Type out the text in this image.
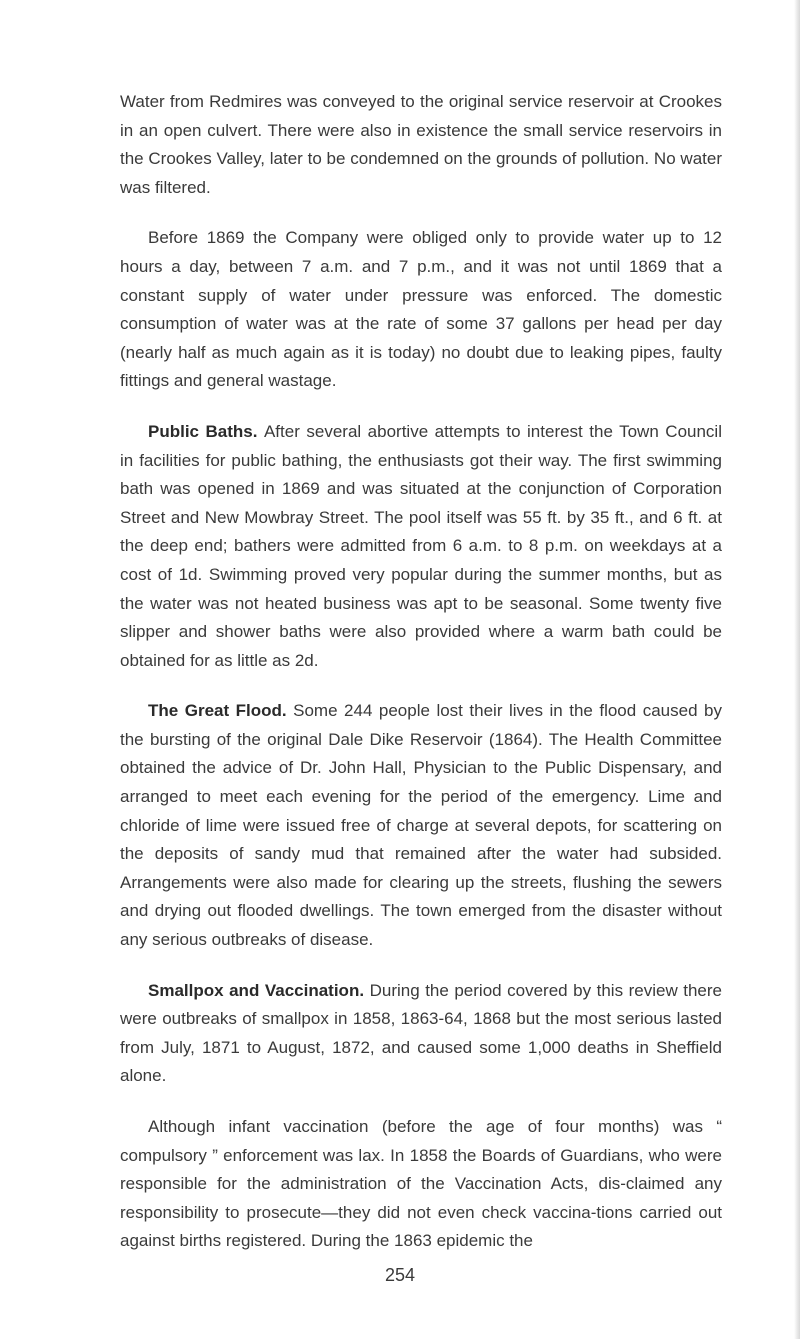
Water from Redmires was conveyed to the original service reservoir at Crookes in an open culvert. There were also in existence the small service reservoirs in the Crookes Valley, later to be condemned on the grounds of pollution. No water was filtered.

Before 1869 the Company were obliged only to provide water up to 12 hours a day, between 7 a.m. and 7 p.m., and it was not until 1869 that a constant supply of water under pressure was enforced. The domestic consumption of water was at the rate of some 37 gallons per head per day (nearly half as much again as it is today) no doubt due to leaking pipes, faulty fittings and general wastage.

Public Baths. After several abortive attempts to interest the Town Council in facilities for public bathing, the enthusiasts got their way. The first swimming bath was opened in 1869 and was situated at the conjunction of Corporation Street and New Mowbray Street. The pool itself was 55 ft. by 35 ft., and 6 ft. at the deep end; bathers were admitted from 6 a.m. to 8 p.m. on weekdays at a cost of 1d. Swimming proved very popular during the summer months, but as the water was not heated business was apt to be seasonal. Some twenty five slipper and shower baths were also provided where a warm bath could be obtained for as little as 2d.

The Great Flood. Some 244 people lost their lives in the flood caused by the bursting of the original Dale Dike Reservoir (1864). The Health Committee obtained the advice of Dr. John Hall, Physician to the Public Dispensary, and arranged to meet each evening for the period of the emergency. Lime and chloride of lime were issued free of charge at several depots, for scattering on the deposits of sandy mud that remained after the water had subsided. Arrangements were also made for clearing up the streets, flushing the sewers and drying out flooded dwellings. The town emerged from the disaster without any serious outbreaks of disease.

Smallpox and Vaccination. During the period covered by this review there were outbreaks of smallpox in 1858, 1863-64, 1868 but the most serious lasted from July, 1871 to August, 1872, and caused some 1,000 deaths in Sheffield alone.

Although infant vaccination (before the age of four months) was “ compulsory ” enforcement was lax. In 1858 the Boards of Guardians, who were responsible for the administration of the Vaccination Acts, dis-claimed any responsibility to prosecute—they did not even check vaccina-tions carried out against births registered. During the 1863 epidemic the

254
